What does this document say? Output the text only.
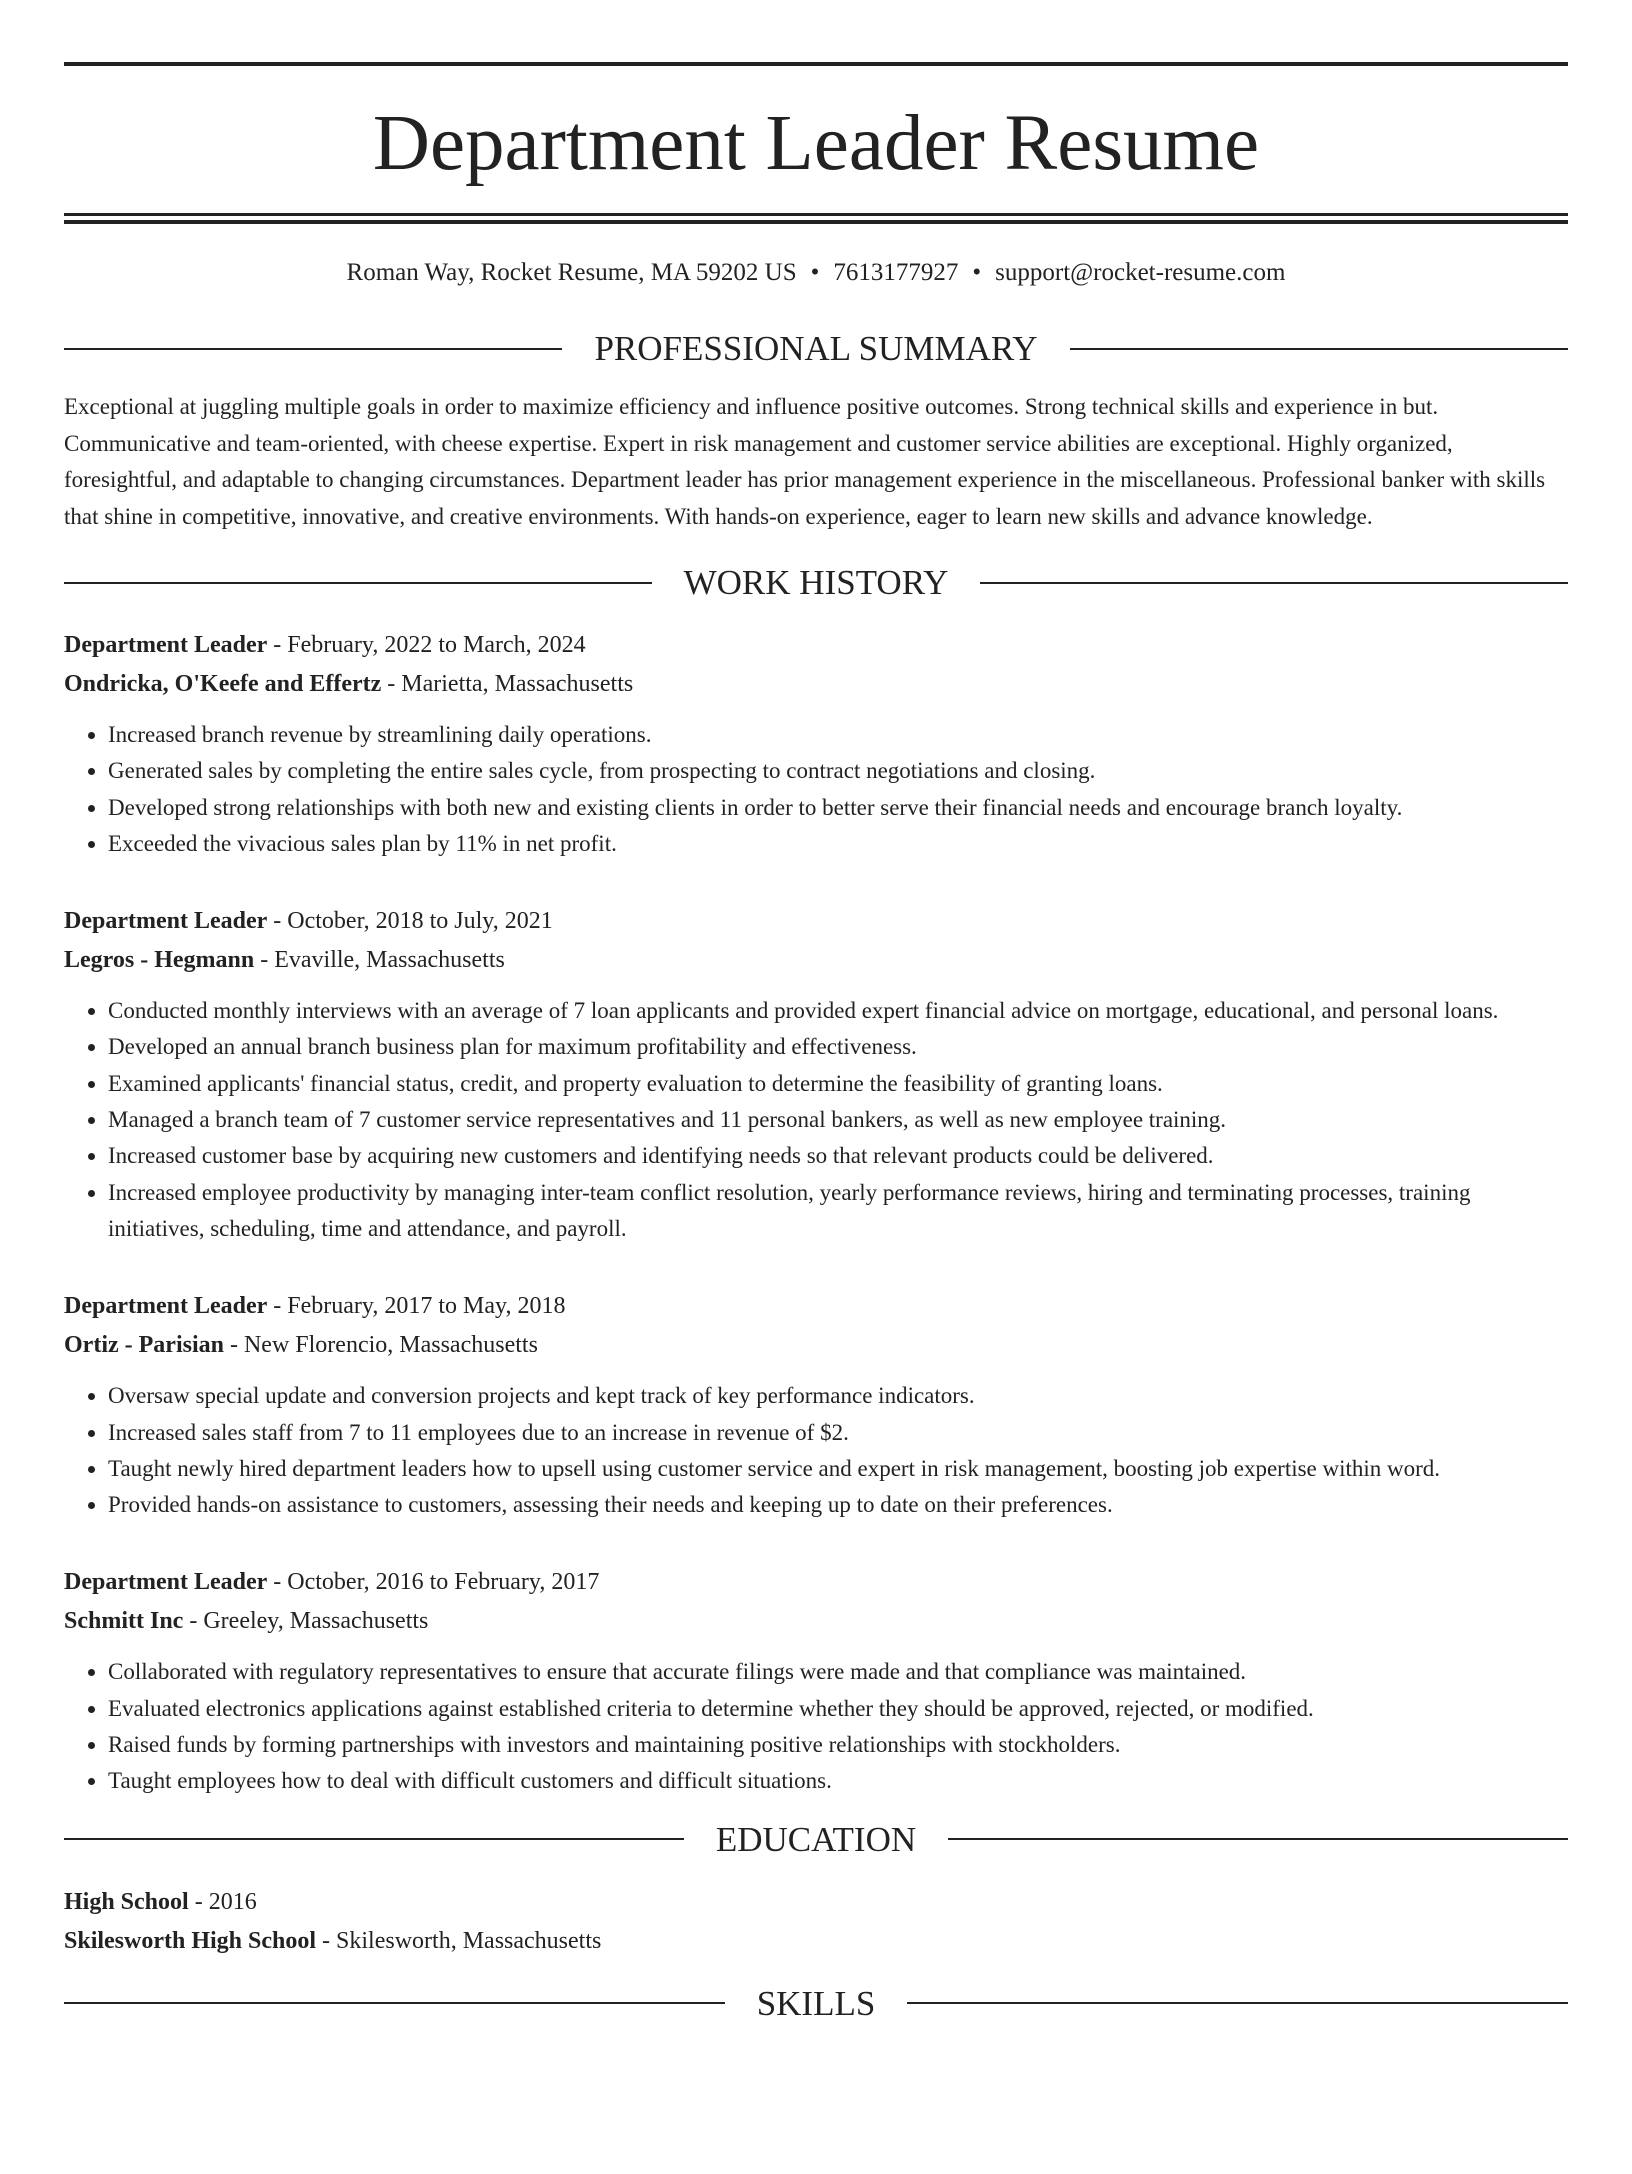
Department Leader Resume
Roman Way, Rocket Resume, MA 59202 US • 7613177927 • support@rocket-resume.com
PROFESSIONAL SUMMARY

Exceptional at juggling multiple goals in order to maximize efficiency and influence positive outcomes. Strong technical skills and experience in but. Communicative and team-oriented, with cheese expertise. Expert in risk management and customer service abilities are exceptional. Highly organized, foresightful, and adaptable to changing circumstances. Department leader has prior management experience in the miscellaneous. Professional banker with skills that shine in competitive, innovative, and creative environments. With hands-on experience, eager to learn new skills and advance knowledge.

WORK HISTORY
Department Leader - February, 2022 to March, 2024
Ondricka, O'Keefe and Effertz - Marietta, Massachusetts
• Increased branch revenue by streamlining daily operations.
• Generated sales by completing the entire sales cycle, from prospecting to contract negotiations and closing.
• Developed strong relationships with both new and existing clients in order to better serve their financial needs and encourage branch loyalty.
• Exceeded the vivacious sales plan by 11% in net profit.
Department Leader - October, 2018 to July, 2021
Legros - Hegmann - Evaville, Massachusetts
• Conducted monthly interviews with an average of 7 loan applicants and provided expert financial advice on mortgage, educational, and personal loans.
• Developed an annual branch business plan for maximum profitability and effectiveness.
• Examined applicants' financial status, credit, and property evaluation to determine the feasibility of granting loans.
• Managed a branch team of 7 customer service representatives and 11 personal bankers, as well as new employee training.
• Increased customer base by acquiring new customers and identifying needs so that relevant products could be delivered.
• Increased employee productivity by managing inter-team conflict resolution, yearly performance reviews, hiring and terminating processes, training initiatives, scheduling, time and attendance, and payroll.
Department Leader - February, 2017 to May, 2018
Ortiz - Parisian - New Florencio, Massachusetts
• Oversaw special update and conversion projects and kept track of key performance indicators.
• Increased sales staff from 7 to 11 employees due to an increase in revenue of $2.
• Taught newly hired department leaders how to upsell using customer service and expert in risk management, boosting job expertise within word.
• Provided hands-on assistance to customers, assessing their needs and keeping up to date on their preferences.
Department Leader - October, 2016 to February, 2017
Schmitt Inc - Greeley, Massachusetts
• Collaborated with regulatory representatives to ensure that accurate filings were made and that compliance was maintained.
• Evaluated electronics applications against established criteria to determine whether they should be approved, rejected, or modified.
• Raised funds by forming partnerships with investors and maintaining positive relationships with stockholders.
• Taught employees how to deal with difficult customers and difficult situations.
EDUCATION
High School - 2016
Skilesworth High School - Skilesworth, Massachusetts
SKILLS
